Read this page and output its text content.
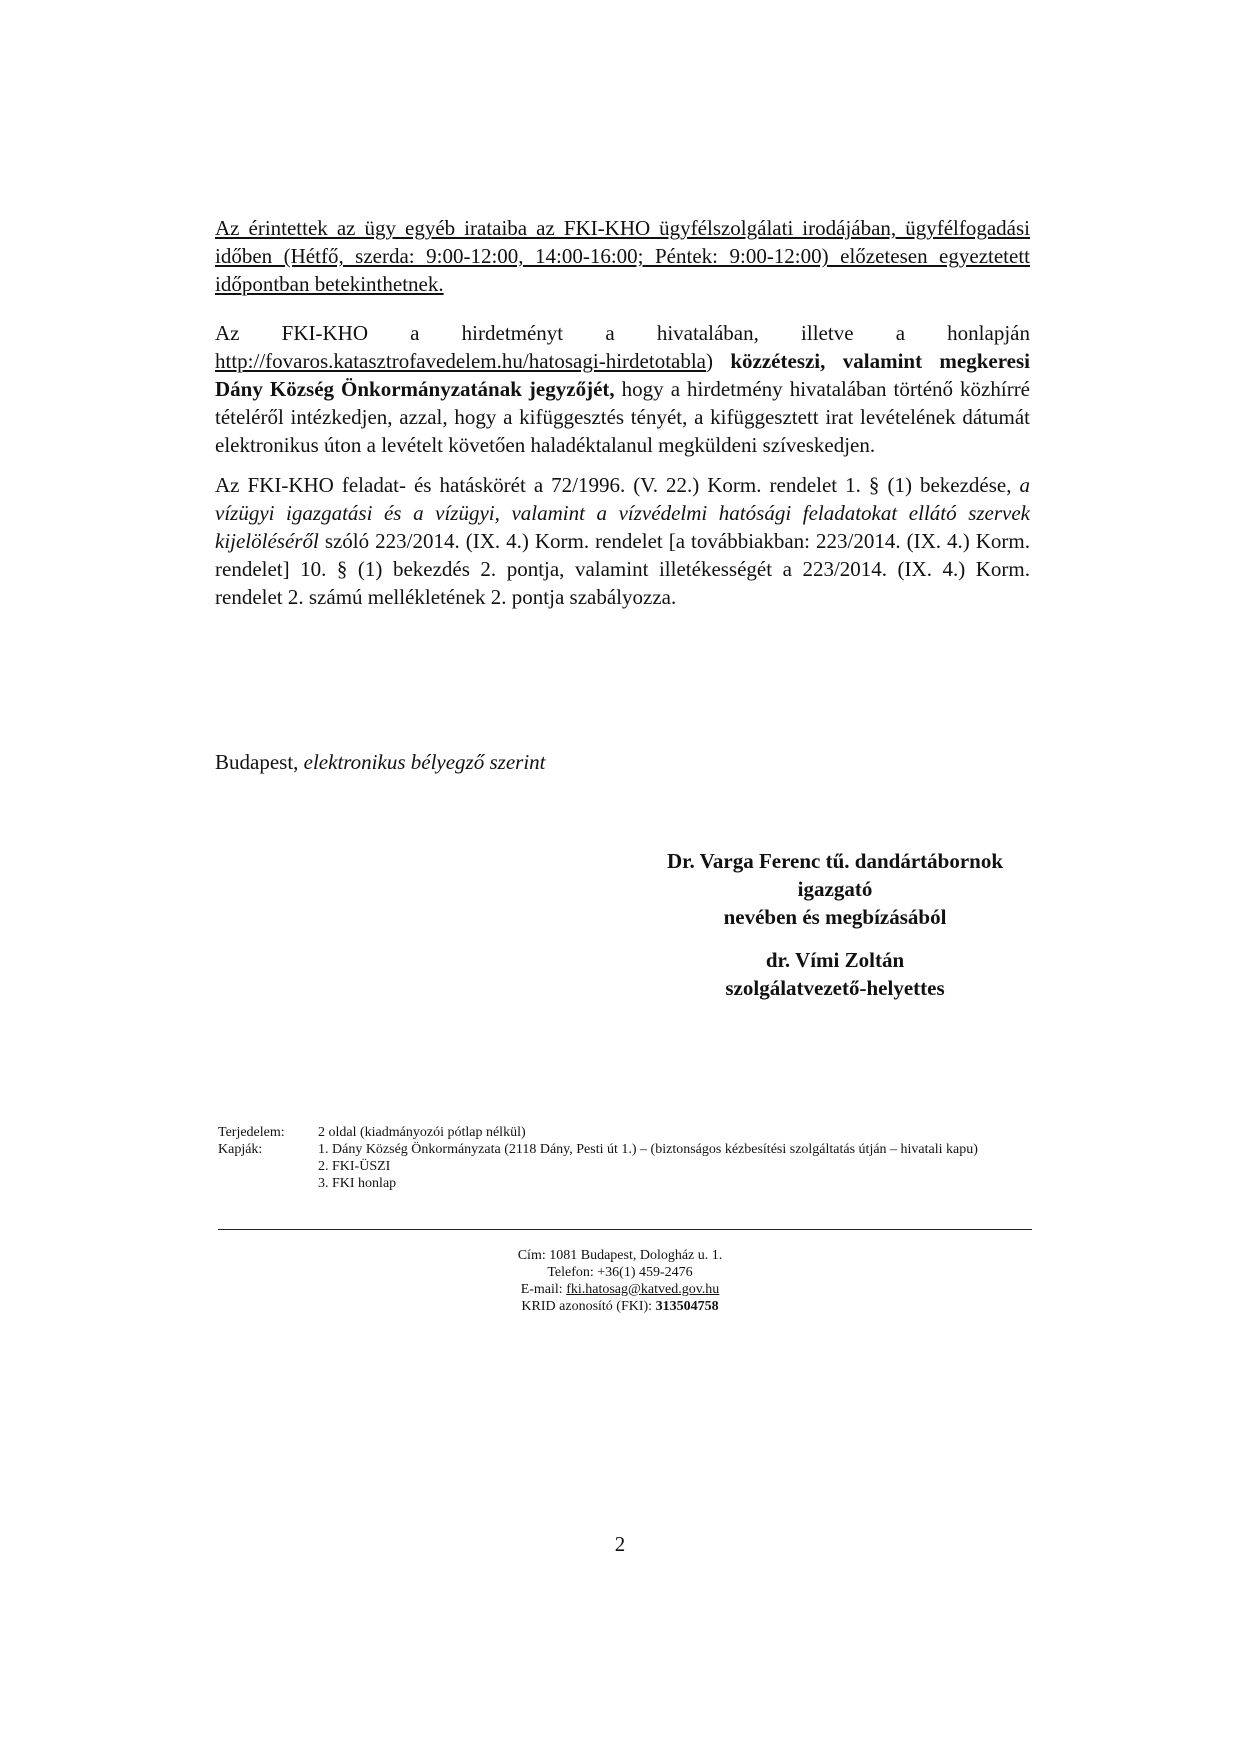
Az érintettek az ügy egyéb irataiba az FKI-KHO ügyfélszolgálati irodájában, ügyfélfogadási időben (Hétfő, szerda: 9:00-12:00, 14:00-16:00; Péntek: 9:00-12:00) előzetesen egyeztetett időpontban betekinthetnek.

Az FKI-KHO a hirdetményt a hivatalában, illetve a honlapján http://fovaros.katasztrofavedelem.hu/hatosagi-hirdetotabla) közzéteszi, valamint megkeresi Dány Község Önkormányzatának jegyzőjét, hogy a hirdetmény hivatalában történő közhírré tételéről intézkedjen, azzal, hogy a kifüggesztés tényét, a kifüggesztett irat levételének dátumát elektronikus úton a levételt követően haladéktalanul megküldeni szíveskedjen.

Az FKI-KHO feladat- és hatáskörét a 72/1996. (V. 22.) Korm. rendelet 1. § (1) bekezdése, a vízügyi igazgatási és a vízügyi, valamint a vízvédelmi hatósági feladatokat ellátó szervek kijelöléséről szóló 223/2014. (IX. 4.) Korm. rendelet [a továbbiakban: 223/2014. (IX. 4.) Korm. rendelet] 10. § (1) bekezdés 2. pontja, valamint illetékességét a 223/2014. (IX. 4.) Korm. rendelet 2. számú mellékletének 2. pontja szabályozza.

Budapest, elektronikus bélyegző szerint

Dr. Varga Ferenc tű. dandártábornok
igazgató
nevében és megbízásából
dr. Vími Zoltán
szolgálatvezető-helyettes
Terjedelem:	2 oldal (kiadmányozói pótlap nélkül)
Kapják:	1. Dány Község Önkormányzata (2118 Dány, Pesti út 1.) – (biztonságos kézbesítési szolgáltatás útján – hivatali kapu)
2. FKI-ÜSZI
3. FKI honlap
Cím: 1081 Budapest, Dologház u. 1.
Telefon: +36(1) 459-2476
E-mail: fki.hatosag@katved.gov.hu
KRID azonosító (FKI): 313504758
2
